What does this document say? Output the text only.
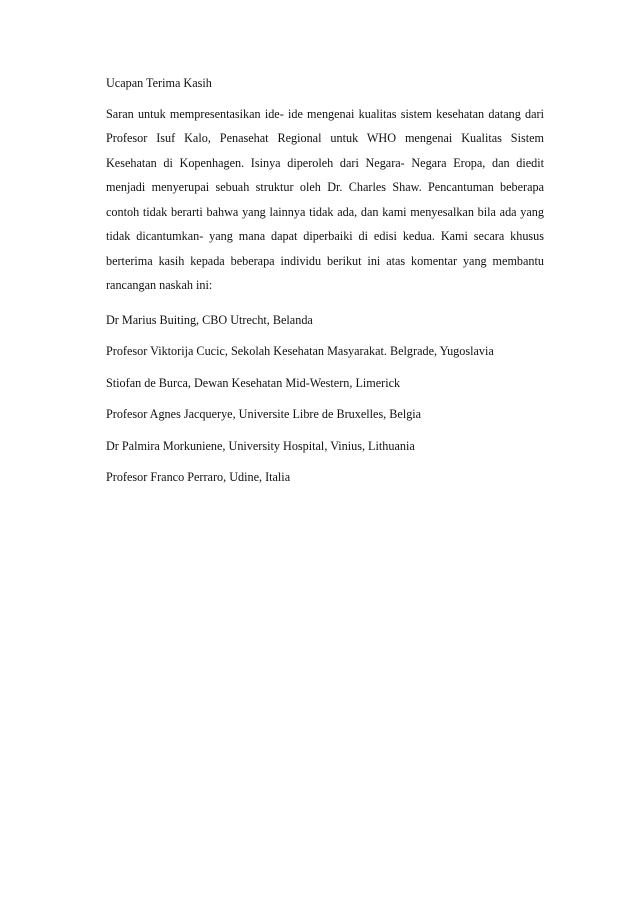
Ucapan Terima Kasih

Saran untuk mempresentasikan ide- ide mengenai kualitas sistem kesehatan datang dari Profesor Isuf Kalo, Penasehat Regional untuk WHO mengenai Kualitas Sistem Kesehatan di Kopenhagen. Isinya diperoleh dari Negara- Negara Eropa, dan diedit menjadi menyerupai sebuah struktur oleh Dr. Charles Shaw. Pencantuman beberapa contoh tidak berarti bahwa yang lainnya tidak ada, dan kami menyesalkan bila ada yang tidak dicantumkan- yang mana dapat diperbaiki di edisi kedua. Kami secara khusus berterima kasih kepada beberapa individu berikut ini atas komentar yang membantu rancangan naskah ini:

Dr Marius Buiting, CBO Utrecht, Belanda
Profesor Viktorija Cucic, Sekolah Kesehatan Masyarakat. Belgrade, Yugoslavia
Stiofan de Burca, Dewan Kesehatan Mid-Western, Limerick
Profesor Agnes Jacquerye, Universite Libre de Bruxelles, Belgia
Dr Palmira Morkuniene, University Hospital, Vinius, Lithuania
Profesor Franco Perraro, Udine, Italia
